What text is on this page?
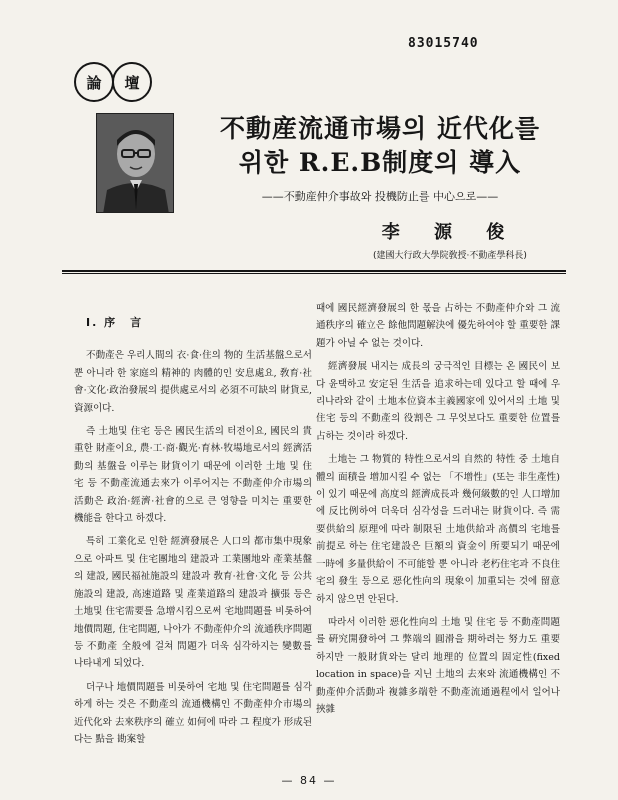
83015740
論	壇
不動産流通市場의 近代化를
위한 R.E.B制度의 導入
——不動産仲介事故와 投機防止를 中心으로——
李 源 俊
(建國大行政大學院敎授·不動產學科長)
Ⅰ. 序　言

不動產은 우리人間의 衣·食·住의 物的 生活基盤으로서 뿐 아니라 한 家庭의 精神的 肉體的인 安息處요, 敎育·社會·文化·政治發展의 提供處로서의 必須不可缺의 財貨로, 資源이다.

즉 土地및 住宅 등은 國民生活의 터전이요, 國民의 貴重한 財產이요, 農·工·商·觀光·育林·牧場地로서의 經濟活動의 基盤을 이루는 財貨이기 때문에 이러한 土地 및 住宅 등 不動產流通去來가 이루어지는 不動產仲介市場의 活動은 政治·經濟·社會的으로 큰 영향을 미치는 重要한 機能을 한다고 하겠다.

특히 工業化로 인한 經濟發展은 人口의 都市集中現象으로 아파트 및 住宅團地의 建設과 工業團地와 產業基盤의 建設, 國民福祉施設의 建設과 敎育·社會·文化 등 公共施設의 建設, 高速道路 및 產業道路의 建設과 擴張 등은 土地및 住宅需要를 急增시킴으로써 宅地問題를 비롯하여 地價問題, 住宅問題, 나아가 不動產仲介의 流通秩序問題 등 不動產 全般에 걸쳐 問題가 더욱 심각하지는 變數를 나타내게 되었다.

더구나 地價問題를 비롯하여 宅地 및 住宅問題를 심각하게 하는 것은 不動產의 流通機構인 不動產仲介市場의 近代化와 去來秩序의 確立 如何에 따라 그 程度가 形成된다는 點을 勘案할

때에 國民經濟發展의 한 몫을 占하는 不動產仲介와 그 流通秩序의 確立은 餘他問題解決에 優先하여야 할 重要한 課題가 아닐 수 없는 것이다.

經濟發展 내지는 成長의 궁극적인 目標는 온 國民이 보다 윤택하고 安定된 生活을 追求하는데 있다고 할 때에 우리나라와 같이 土地本位資本主義國家에 있어서의 土地 및 住宅 등의 不動產의 役割은 그 무엇보다도 重要한 位置를 占하는 것이라 하겠다.

土地는 그 物質的 特性으로서의 自然的 特性 중 土地自體의 面積을 增加시킬 수 없는 「不增性」(또는 非生產性)이 있기 때문에 高度의 經濟成長과 幾何級數的인 人口增加에 反比例하여 더욱더 심각성을 드러내는 財貨이다. 즉 需要供給의 原理에 따라 制限된 土地供給과 高價의 宅地를 前提로 하는 住宅建設은 巨額의 資金이 所要되기 때문에 一時에 多量供給이 不可能할 뿐 아니라 老朽住宅과 不良住宅의 發生 등으로 惡化性向의 現象이 加重되는 것에 留意하지 않으면 안된다.

따라서 이러한 惡化性向의 土地 및 住宅 등 不動產問題를 硏究開發하여 그 弊端의 圓滑을 期하려는 努力도 重要하지만 一般財貨와는 달리 地理的 位置의 固定性(fixed location in space)을 지닌 土地의 去來와 流通機構인 不動產仲介活動과 複雜多端한 不動產流通過程에서 일어나 挾雜

— 84 —
